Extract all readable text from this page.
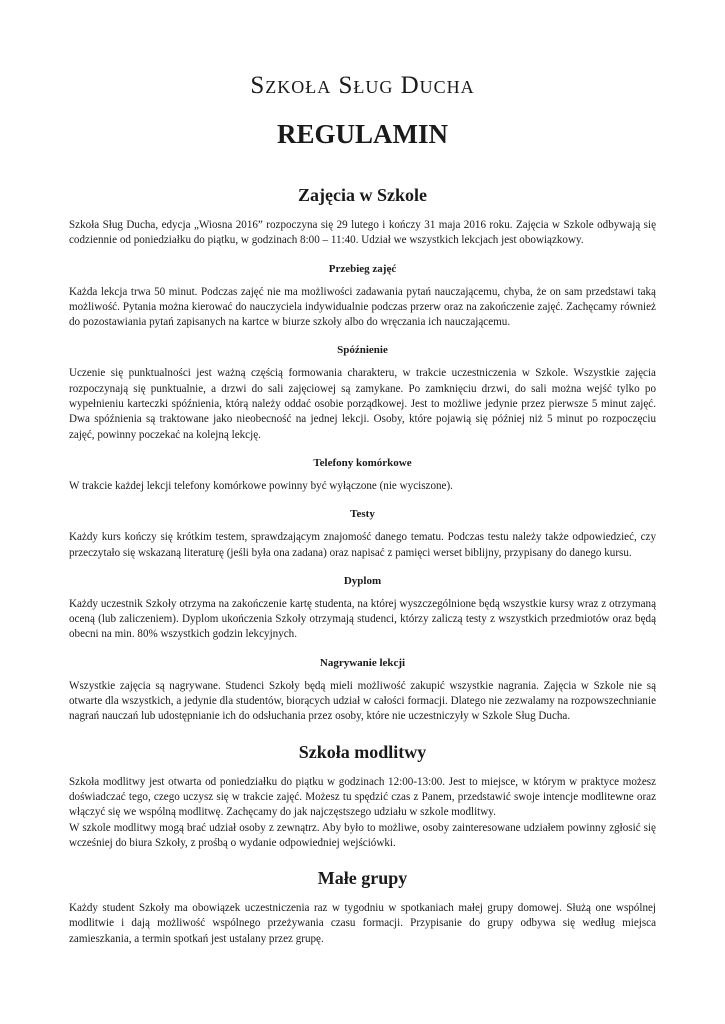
Szkoła Sług Ducha
REGULAMIN
Zajęcia w Szkole

Szkoła Sług Ducha, edycja „Wiosna 2016” rozpoczyna się 29 lutego i kończy 31 maja 2016 roku. Zajęcia w Szkole odbywają się codziennie od poniedziałku do piątku, w godzinach 8:00 – 11:40. Udział we wszystkich lekcjach jest obowiązkowy.

Przebieg zajęć

Każda lekcja trwa 50 minut. Podczas zajęć nie ma możliwości zadawania pytań nauczającemu, chyba, że on sam przedstawi taką możliwość. Pytania można kierować do nauczyciela indywidualnie podczas przerw oraz na zakończenie zajęć. Zachęcamy również do pozostawiania pytań zapisanych na kartce w biurze szkoły albo do wręczania ich nauczającemu.

Spóźnienie

Uczenie się punktualności jest ważną częścią formowania charakteru, w trakcie uczestniczenia w Szkole. Wszystkie zajęcia rozpoczynają się punktualnie, a drzwi do sali zajęciowej są zamykane. Po zamknięciu drzwi, do sali można wejść tylko po wypełnieniu karteczki spóźnienia, którą należy oddać osobie porządkowej. Jest to możliwe jedynie przez pierwsze 5 minut zajęć. Dwa spóźnienia są traktowane jako nieobecność na jednej lekcji. Osoby, które pojawią się później niż 5 minut po rozpoczęciu zajęć, powinny poczekać na kolejną lekcję.

Telefony komórkowe

W trakcie każdej lekcji telefony komórkowe powinny być wyłączone (nie wyciszone).

Testy

Każdy kurs kończy się krótkim testem, sprawdzającym znajomość danego tematu. Podczas testu należy także odpowiedzieć, czy przeczytało się wskazaną literaturę (jeśli była ona zadana) oraz napisać z pamięci werset biblijny, przypisany do danego kursu.

Dyplom

Każdy uczestnik Szkoły otrzyma na zakończenie kartę studenta, na której wyszczególnione będą wszystkie kursy wraz z otrzymaną oceną (lub zaliczeniem). Dyplom ukończenia Szkoły otrzymają studenci, którzy zaliczą testy z wszystkich przedmiotów oraz będą obecni na min. 80% wszystkich godzin lekcyjnych.

Nagrywanie lekcji

Wszystkie zajęcia są nagrywane. Studenci Szkoły będą mieli możliwość zakupić wszystkie nagrania. Zajęcia w Szkole nie są otwarte dla wszystkich, a jedynie dla studentów, biorących udział w całości formacji. Dlatego nie zezwalamy na rozpowszechnianie nagrań nauczań lub udostępnianie ich do odsłuchania przez osoby, które nie uczestniczyły w Szkole Sług Ducha.

Szkoła modlitwy

Szkoła modlitwy jest otwarta od poniedziałku do piątku w godzinach 12:00-13:00. Jest to miejsce, w którym w praktyce możesz doświadczać tego, czego uczysz się w trakcie zajęć. Możesz tu spędzić czas z Panem, przedstawić swoje intencje modlitewne oraz włączyć się we wspólną modlitwę. Zachęcamy do jak najczęstszego udziału w szkole modlitwy.

W szkole modlitwy mogą brać udział osoby z zewnątrz. Aby było to możliwe, osoby zainteresowane udziałem powinny zgłosić się wcześniej do biura Szkoły, z prośbą o wydanie odpowiedniej wejściówki.

Małe grupy

Każdy student Szkoły ma obowiązek uczestniczenia raz w tygodniu w spotkaniach małej grupy domowej. Służą one wspólnej modlitwie i dają możliwość wspólnego przeżywania czasu formacji. Przypisanie do grupy odbywa się według miejsca zamieszkania, a termin spotkań jest ustalany przez grupę.
